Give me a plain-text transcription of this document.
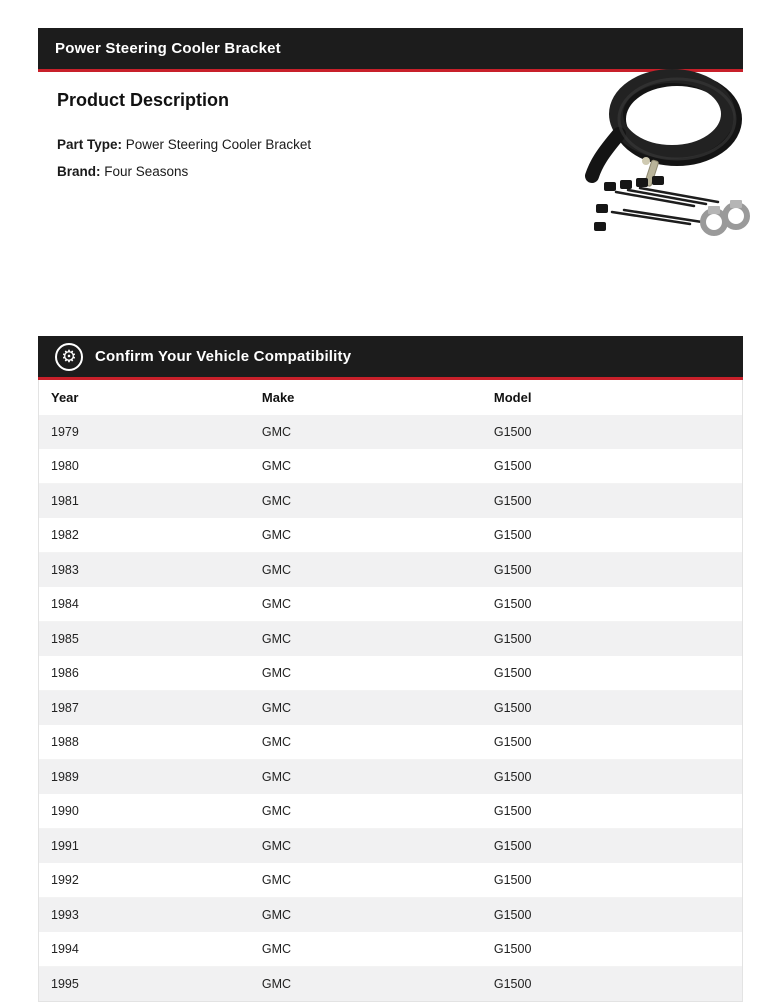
Power Steering Cooler Bracket
Product Description
Part Type: Power Steering Cooler Bracket
Brand: Four Seasons
⚙	Confirm Your Vehicle Compatibility
Year	Make	Model
1979	GMC	G1500
1980	GMC	G1500
1981	GMC	G1500
1982	GMC	G1500
1983	GMC	G1500
1984	GMC	G1500
1985	GMC	G1500
1986	GMC	G1500
1987	GMC	G1500
1988	GMC	G1500
1989	GMC	G1500
1990	GMC	G1500
1991	GMC	G1500
1992	GMC	G1500
1993	GMC	G1500
1994	GMC	G1500
1995	GMC	G1500
